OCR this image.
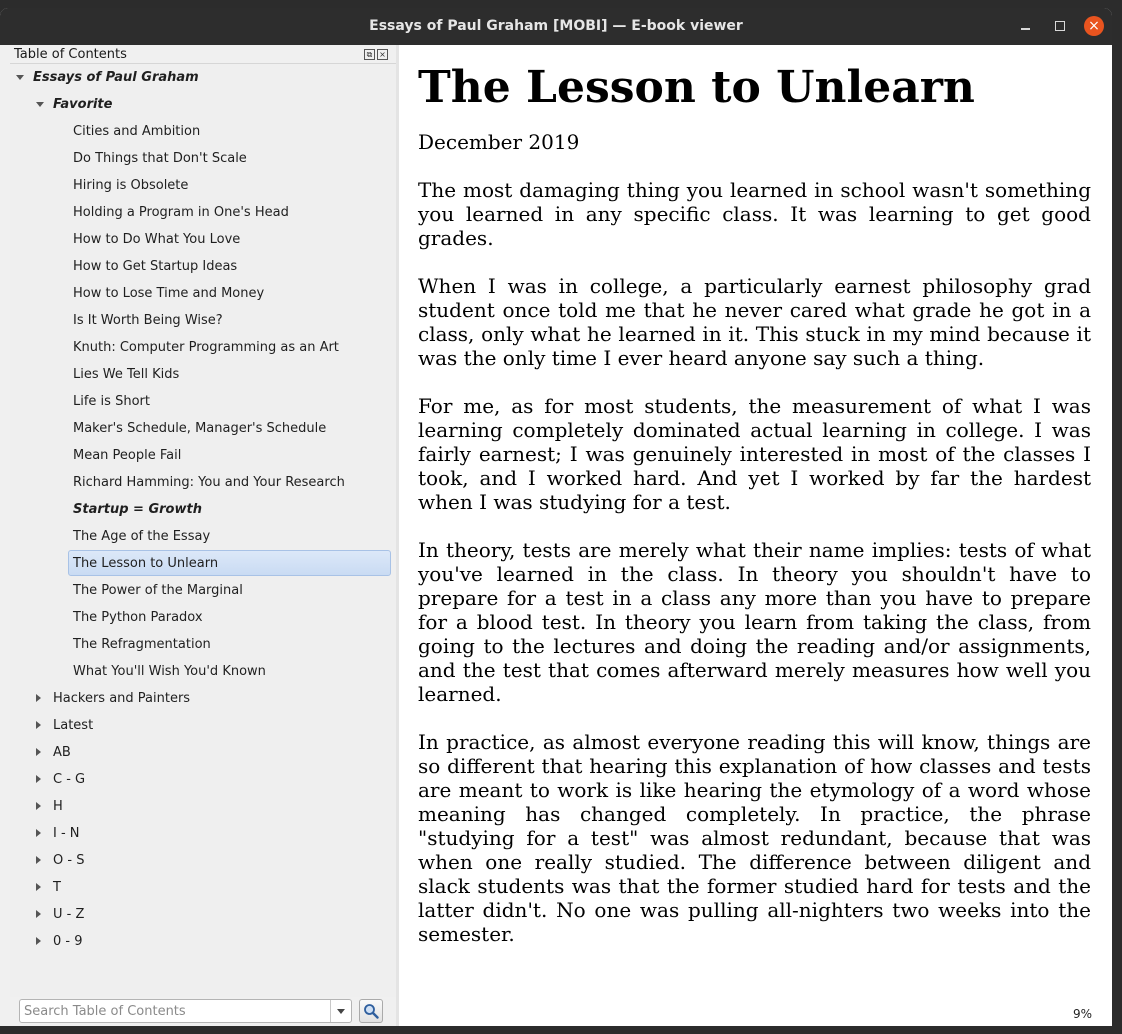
Essays of Paul Graham [MOBI] — E-book viewer	×
Table of Contents	⧉ ×
Essays of Paul Graham
Favorite
Cities and Ambition
Do Things that Don't Scale
Hiring is Obsolete
Holding a Program in One's Head
How to Do What You Love
How to Get Startup Ideas
How to Lose Time and Money
Is It Worth Being Wise?
Knuth: Computer Programming as an Art
Lies We Tell Kids
Life is Short
Maker's Schedule, Manager's Schedule
Mean People Fail
Richard Hamming: You and Your Research
Startup = Growth
The Age of the Essay
The Lesson to Unlearn
The Power of the Marginal
The Python Paradox
The Refragmentation
What You'll Wish You'd Known
Hackers and Painters
Latest
AB
C - G
H
I - N
O - S
T
U - Z
0 - 9
Search Table of Contents
The Lesson to Unlearn
December 2019

The most damaging thing you learned in school wasn't something you learned in any specific class. It was learning to get good grades.

When I was in college, a particularly earnest philosophy grad student once told me that he never cared what grade he got in a class, only what he learned in it. This stuck in my mind because it was the only time I ever heard anyone say such a thing.

For me, as for most students, the measurement of what I was learning completely dominated actual learning in college. I was fairly earnest; I was genuinely interested in most of the classes I took, and I worked hard. And yet I worked by far the hardest when I was studying for a test.

In theory, tests are merely what their name implies: tests of what you've learned in the class. In theory you shouldn't have to prepare for a test in a class any more than you have to prepare for a blood test. In theory you learn from taking the class, from going to the lectures and doing the reading and/or assignments, and the test that comes afterward merely measures how well you learned.

In practice, as almost everyone reading this will know, things are so different that hearing this explanation of how classes and tests are meant to work is like hearing the etymology of a word whose meaning has changed completely. In practice, the phrase "studying for a test" was almost redundant, because that was when one really studied. The difference between diligent and slack students was that the former studied hard for tests and the latter didn't. No one was pulling all-nighters two weeks into the semester.

9%
